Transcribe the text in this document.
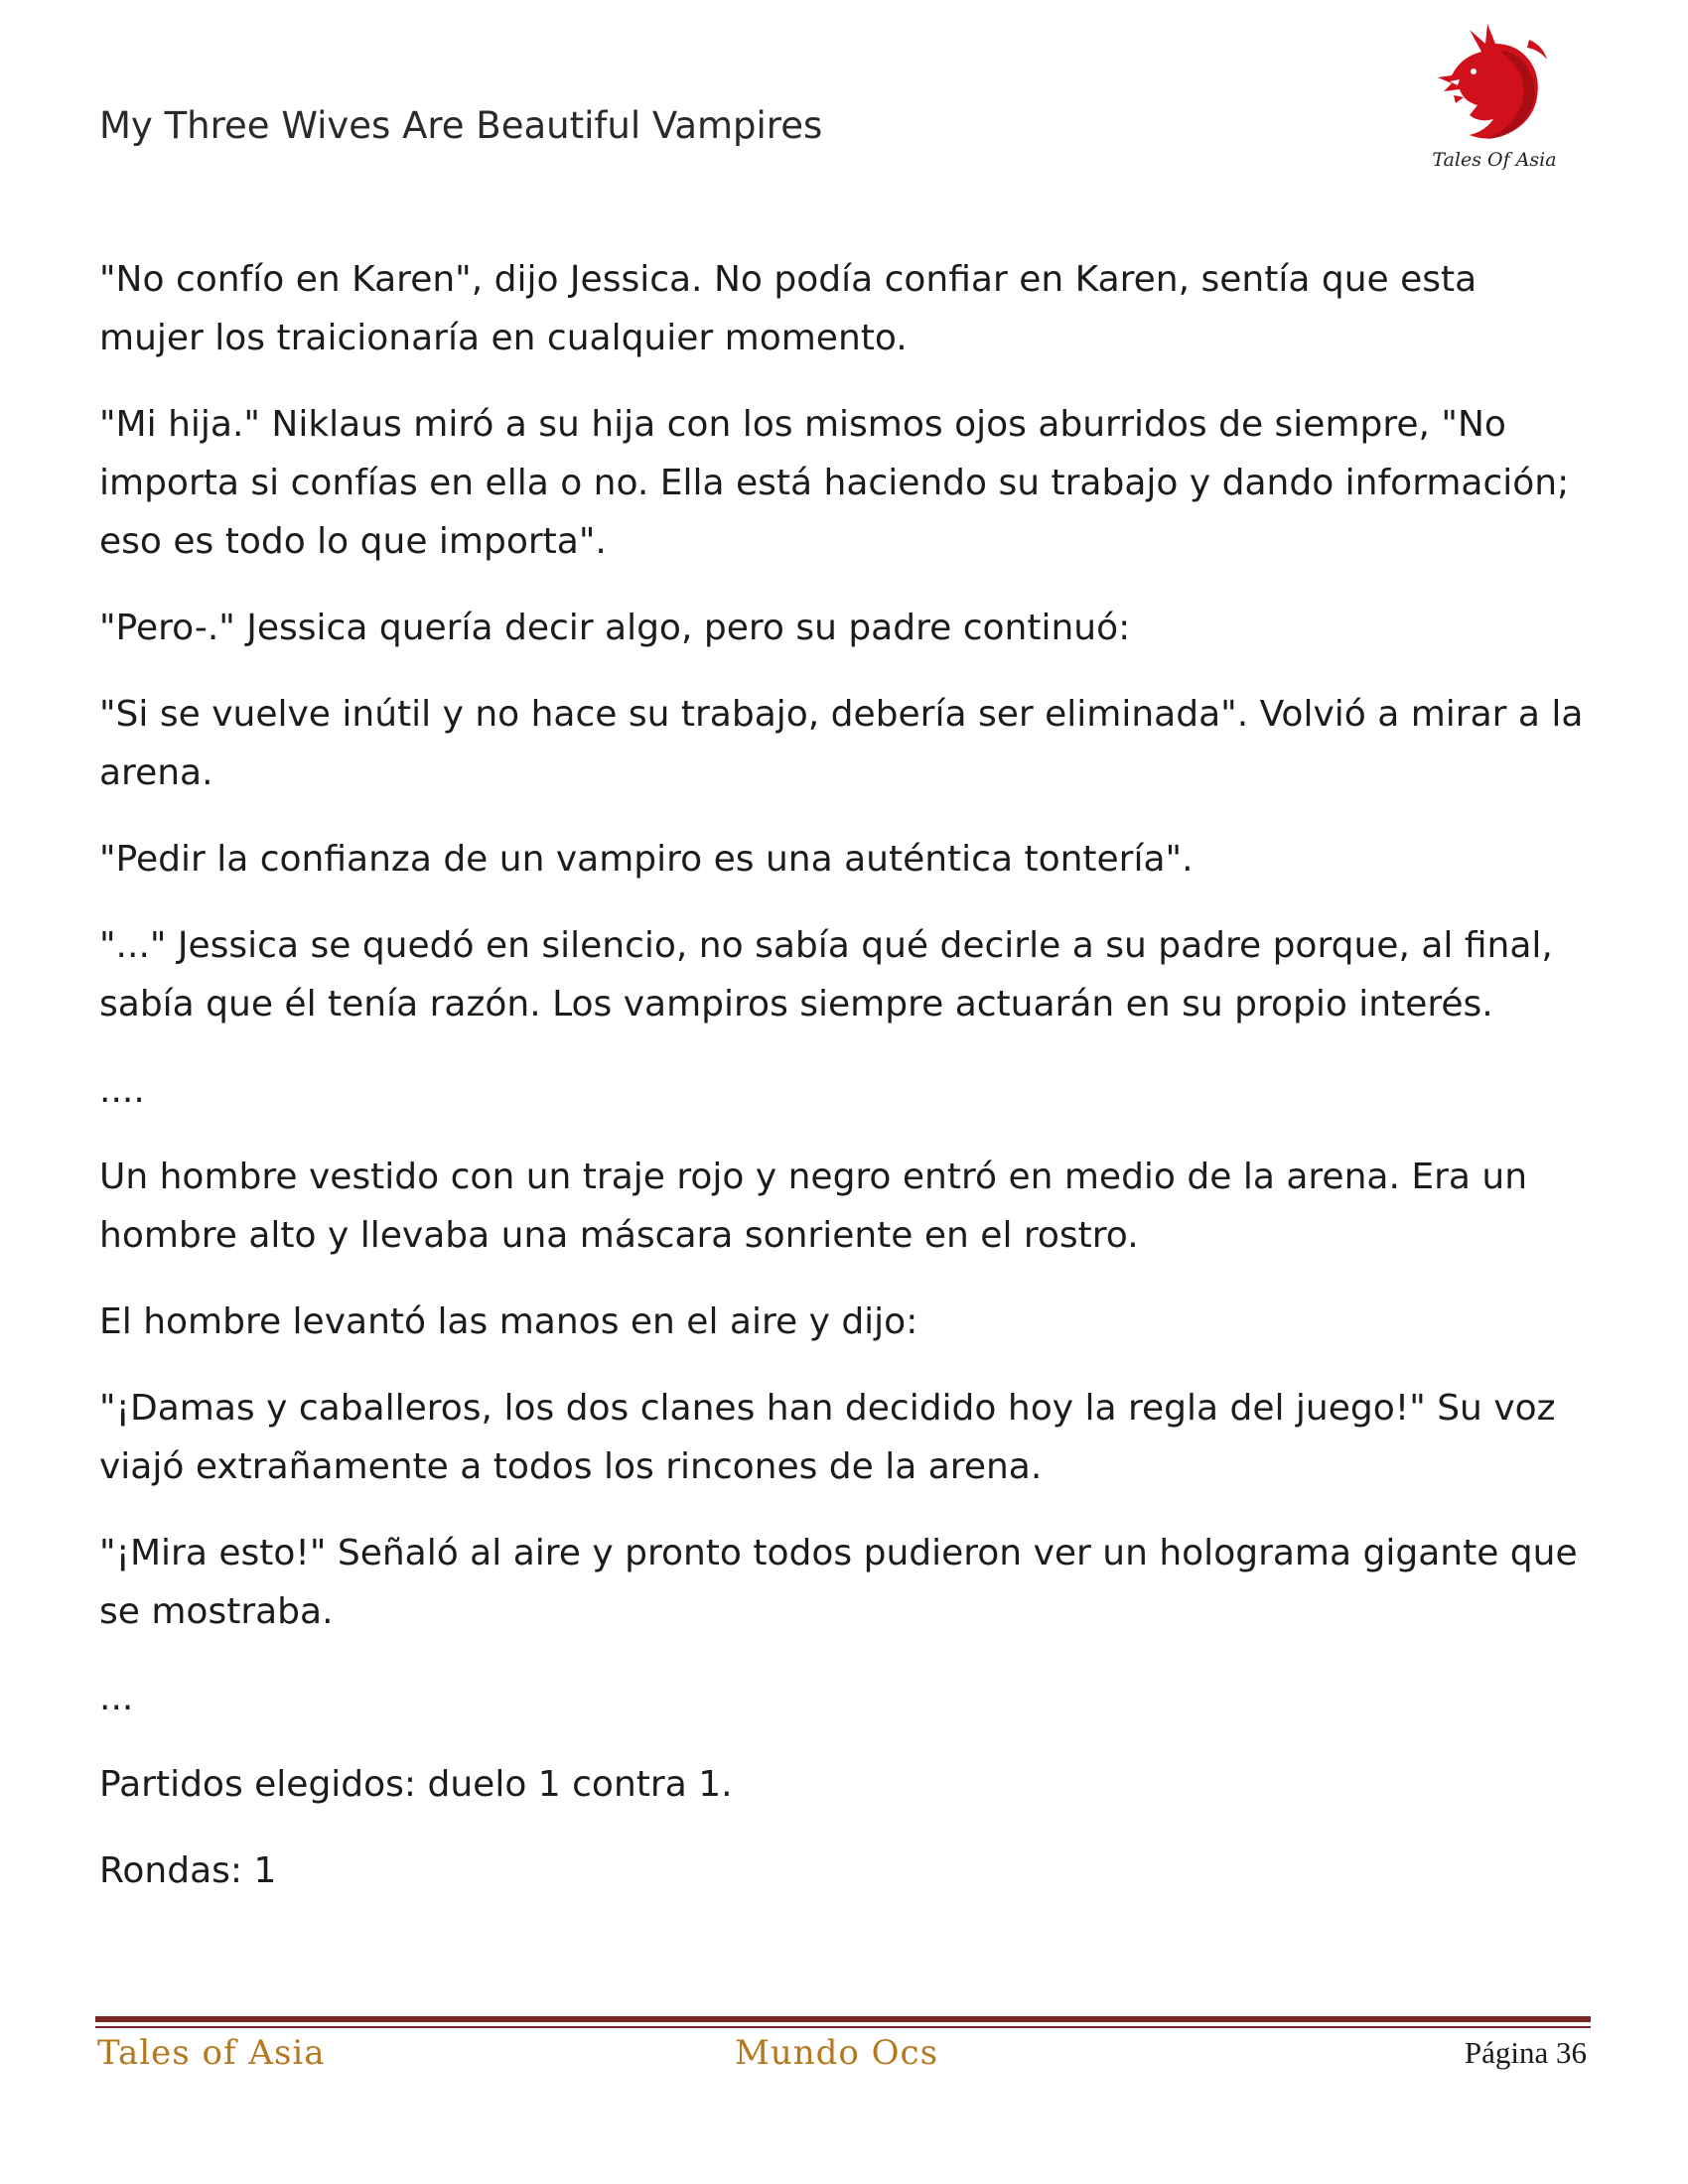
My Three Wives Are Beautiful Vampires
Tales Of Asia

"No confío en Karen", dijo Jessica. No podía confiar en Karen, sentía que esta mujer los traicionaría en cualquier momento.

"Mi hija." Niklaus miró a su hija con los mismos ojos aburridos de siempre, "No importa si confías en ella o no. Ella está haciendo su trabajo y dando información; eso es todo lo que importa".

"Pero-." Jessica quería decir algo, pero su padre continuó:

"Si se vuelve inútil y no hace su trabajo, debería ser eliminada". Volvió a mirar a la arena.

"Pedir la confianza de un vampiro es una auténtica tontería".

"..." Jessica se quedó en silencio, no sabía qué decirle a su padre porque, al final, sabía que él tenía razón. Los vampiros siempre actuarán en su propio interés.

....

Un hombre vestido con un traje rojo y negro entró en medio de la arena. Era un hombre alto y llevaba una máscara sonriente en el rostro.

El hombre levantó las manos en el aire y dijo:

"¡Damas y caballeros, los dos clanes han decidido hoy la regla del juego!" Su voz viajó extrañamente a todos los rincones de la arena.

"¡Mira esto!" Señaló al aire y pronto todos pudieron ver un holograma gigante que se mostraba.

...

Partidos elegidos: duelo 1 contra 1.

Rondas: 1

Tales of Asia	Mundo Ocs	Página 36
